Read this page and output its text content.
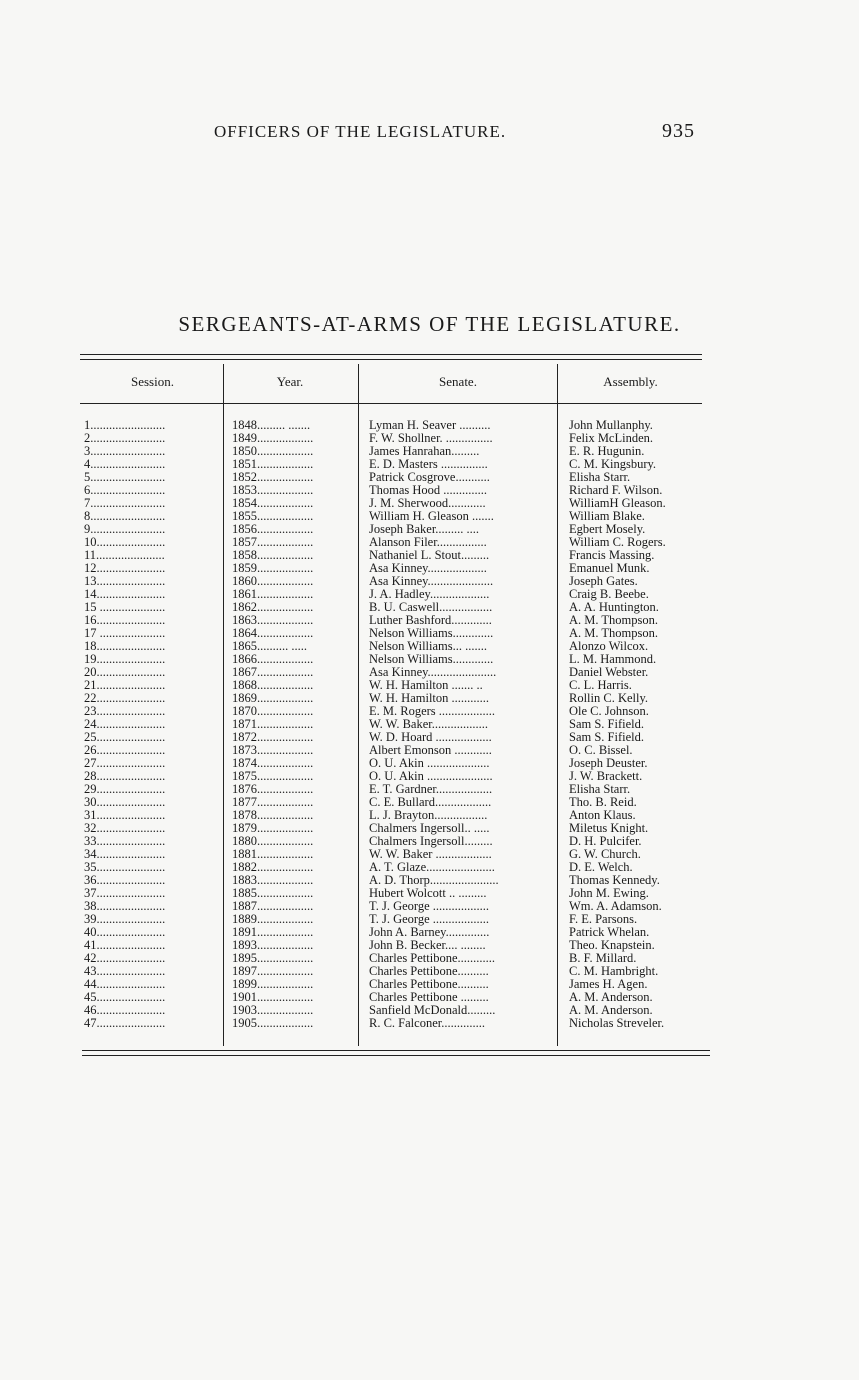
OFFICERS OF THE LEGISLATURE.	935
SERGEANTS-AT-ARMS OF THE LEGISLATURE.
Session.	Year.	Senate.	Assembly.
1........................	1848......... .......	Lyman H. Seaver ..........	John Mullanphy.
2........................	1849..................	F. W. Shollner. ...............	Felix McLinden.
3........................	1850..................	James Hanrahan.........	E. R. Hugunin.
4........................	1851..................	E. D. Masters ...............	C. M. Kingsbury.
5........................	1852..................	Patrick Cosgrove...........	Elisha Starr.
6........................	1853..................	Thomas Hood ..............	Richard F. Wilson.
7........................	1854..................	J. M. Sherwood............	WilliamH Gleason.
8........................	1855..................	William H. Gleason .......	William Blake.
9........................	1856..................	Joseph Baker......... ....	Egbert Mosely.
10......................	1857..................	Alanson Filer................	William C. Rogers.
11......................	1858..................	Nathaniel L. Stout.........	Francis Massing.
12......................	1859..................	Asa Kinney...................	Emanuel Munk.
13......................	1860..................	Asa Kinney.....................	Joseph Gates.
14......................	1861..................	J. A. Hadley...................	Craig B. Beebe.
15 .....................	1862..................	B. U. Caswell.................	A. A. Huntington.
16......................	1863..................	Luther Bashford.............	A. M. Thompson.
17 .....................	1864..................	Nelson Williams.............	A. M. Thompson.
18......................	1865.......... .....	Nelson Williams... .......	Alonzo Wilcox.
19......................	1866..................	Nelson Williams.............	L. M. Hammond.
20......................	1867..................	Asa Kinney......................	Daniel Webster.
21......................	1868..................	W. H. Hamilton ....... ..	C. L. Harris.
22......................	1869..................	W. H. Hamilton ............	Rollin C. Kelly.
23......................	1870..................	E. M. Rogers ..................	Ole C. Johnson.
24......................	1871..................	W. W. Baker..................	Sam S. Fifield.
25......................	1872..................	W. D. Hoard ..................	Sam S. Fifield.
26......................	1873..................	Albert Emonson ............	O. C. Bissel.
27......................	1874..................	O. U. Akin ....................	Joseph Deuster.
28......................	1875..................	O. U. Akin .....................	J. W. Brackett.
29......................	1876..................	E. T. Gardner..................	Elisha Starr.
30......................	1877..................	C. E. Bullard..................	Tho. B. Reid.
31......................	1878..................	L. J. Brayton.................	Anton Klaus.
32......................	1879..................	Chalmers Ingersoll.. .....	Miletus Knight.
33......................	1880..................	Chalmers Ingersoll.........	D. H. Pulcifer.
34......................	1881..................	W. W. Baker ..................	G. W. Church.
35......................	1882..................	A. T. Glaze......................	D. E. Welch.
36......................	1883..................	A. D. Thorp......................	Thomas Kennedy.
37......................	1885..................	Hubert Wolcott .. .........	John M. Ewing.
38......................	1887..................	T. J. George ..................	Wm. A. Adamson.
39......................	1889..................	T. J. George ..................	F. E. Parsons.
40......................	1891..................	John A. Barney..............	Patrick Whelan.
41......................	1893..................	John B. Becker.... ........	Theo. Knapstein.
42......................	1895..................	Charles Pettibone............	B. F. Millard.
43......................	1897..................	Charles Pettibone..........	C. M. Hambright.
44......................	1899..................	Charles Pettibone..........	James H. Agen.
45......................	1901..................	Charles Pettibone .........	A. M. Anderson.
46......................	1903..................	Sanfield McDonald.........	A. M. Anderson.
47......................	1905..................	R. C. Falconer..............	Nicholas Streveler.
